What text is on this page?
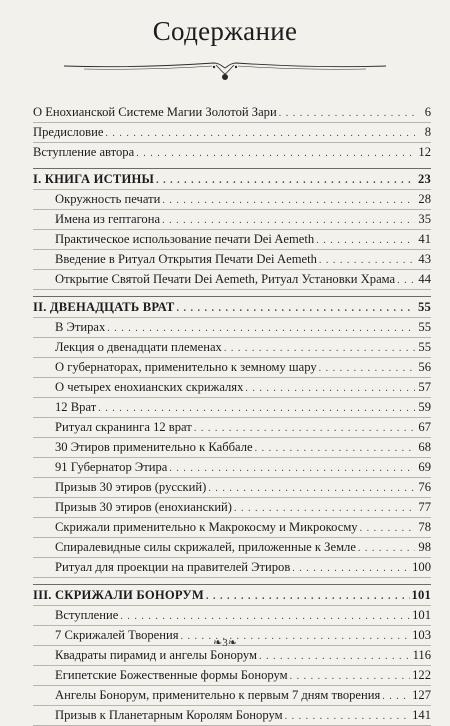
Содержание
О Енохианской Системе Магии Золотой Зари . . .	6
Предисловие . . .	8
Вступление автора . . .	12
I. КНИГА ИСТИНЫ . . .	23
Окружность печати . . .	28
Имена из гептагона . . .	35
Практическое использование печати Dei Aemeth . . .	41
Введение в Ритуал Открытия Печати Dei Aemeth . . .	43
Открытие Святой Печати Dei Aemeth, Ритуал Установки Храма . . . 44
II. ДВЕНАДЦАТЬ ВРАТ . . .	55
В Этирах . . .	55
Лекция о двенадцати племенах . . .	55
О губернаторах, применительно к земному шару . . .	56
О четырех енохианских скрижалях . . .	57
12 Врат . . .	59
Ритуал скранинга 12 врат . . .	67
30 Этиров применительно к Каббале . . .	68
91 Губернатор Этира . . .	69
Призыв 30 этиров (русский) . . .	76
Призыв 30 этиров (енохианский) . . .	77
Скрижали применительно к Макрокосму и Микрокосму . . .	78
Спиралевидные силы скрижалей, приложенные к Земле . . .	98
Ритуал для проекции на правителей Этиров . . .	100
III. СКРИЖАЛИ БОНОРУМ . . .	101
Вступление . . .	101
7 Скрижалей Творения . . .	103
Квадраты пирамид и ангелы Бонорум . . .	116
Египетские Божественные формы Бонорум . . .	122
Ангелы Бонорум, применительно к первым 7 дням творения . . .	127
Призыв к Планетарным Королям Бонорум . . .	141
❧3❧
